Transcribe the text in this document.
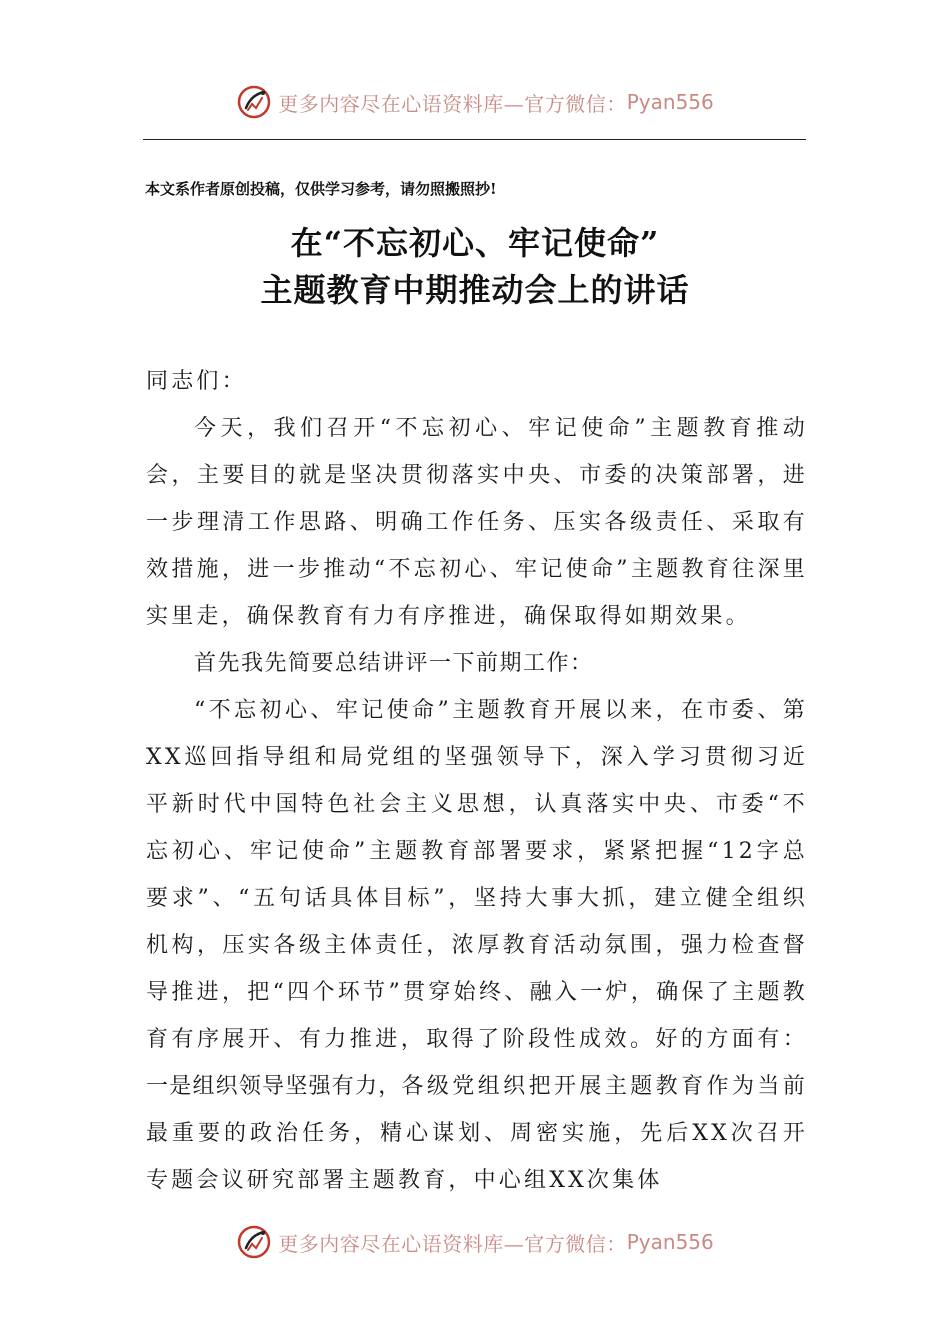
更多内容尽在心语资料库—官方微信： Pyan556
本文系作者原创投稿，仅供学习参考，请勿照搬照抄!
在“不忘初心、牢记使命”
主题教育中期推动会上的讲话

同志们：

今天，我们召开“不忘初心、牢记使命”主题教育推动会，主要目的就是坚决贯彻落实中央、市委的决策部署，进一步理清工作思路、明确工作任务、压实各级责任、采取有效措施，进一步推动“不忘初心、牢记使命”主题教育往深里实里走，确保教育有力有序推进，确保取得如期效果。

首先我先简要总结讲评一下前期工作：

“不忘初心、牢记使命”主题教育开展以来，在市委、第XX巡回指导组和局党组的坚强领导下，深入学习贯彻习近平新时代中国特色社会主义思想，认真落实中央、市委“不忘初心、牢记使命”主题教育部署要求，紧紧把握“12字总要求”、“五句话具体目标”，坚持大事大抓，建立健全组织机构，压实各级主体责任，浓厚教育活动氛围，强力检查督导推进，把“四个环节”贯穿始终、融入一炉，确保了主题教育有序展开、有力推进，取得了阶段性成效。好的方面有：一是组织领导坚强有力，各级党组织把开展主题教育作为当前最重要的政治任务，精心谋划、周密实施，先后XX次召开专题会议研究部署主题教育，中心组XX次集体

更多内容尽在心语资料库—官方微信： Pyan556
